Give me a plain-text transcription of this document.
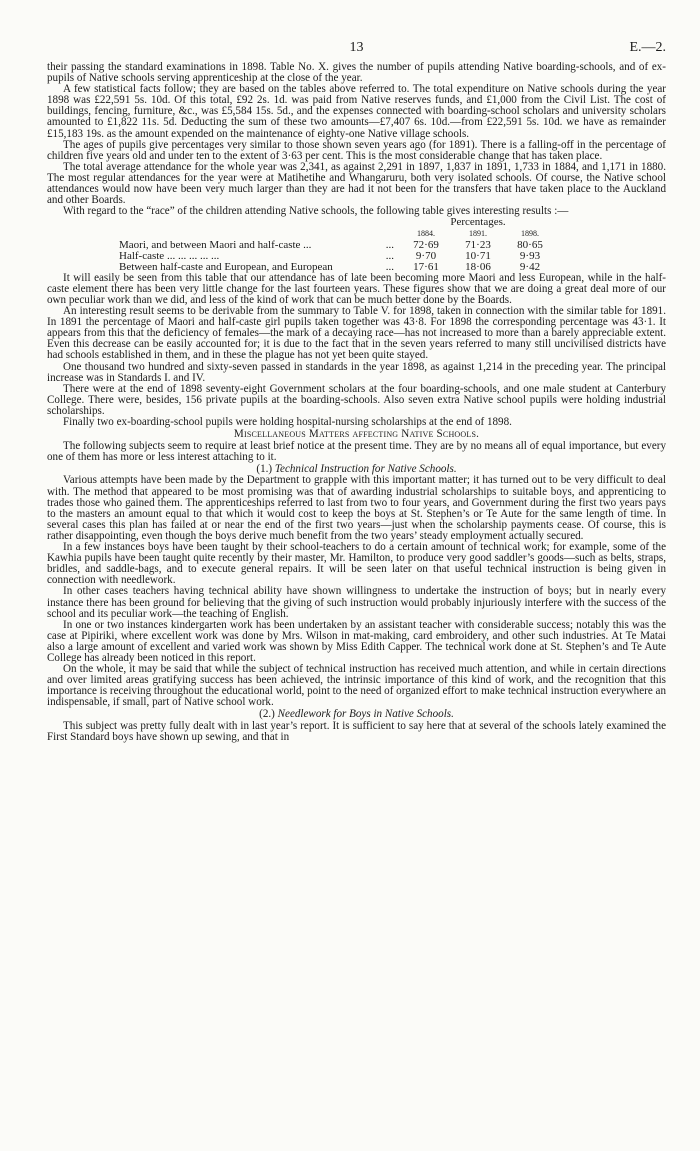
13	E.—2.

their passing the standard examinations in 1898. Table No. X. gives the number of pupils attending Native boarding-schools, and of ex-pupils of Native schools serving apprenticeship at the close of the year.

A few statistical facts follow; they are based on the tables above referred to. The total expenditure on Native schools during the year 1898 was £22,591 5s. 10d. Of this total, £92 2s. 1d. was paid from Native reserves funds, and £1,000 from the Civil List. The cost of buildings, fencing, furniture, &c., was £5,584 15s. 5d., and the expenses connected with boarding-school scholars and university scholars amounted to £1,822 11s. 5d. Deducting the sum of these two amounts—£7,407 6s. 10d.—from £22,591 5s. 10d. we have as remainder £15,183 19s. as the amount expended on the maintenance of eighty-one Native village schools.

The ages of pupils give percentages very similar to those shown seven years ago (for 1891). There is a falling-off in the percentage of children five years old and under ten to the extent of 3·63 per cent. This is the most considerable change that has taken place.

The total average attendance for the whole year was 2,341, as against 2,291 in 1897, 1,837 in 1891, 1,733 in 1884, and 1,171 in 1880. The most regular attendances for the year were at Matihetihe and Whangaruru, both very isolated schools. Of course, the Native school attendances would now have been very much larger than they are had it not been for the transfers that have taken place to the Auckland and other Boards.

With regard to the “race” of the children attending Native schools, the following table gives interesting results :—

	Percentages.		
	1884.	1891.	1898.
Maori, and between Maori and half-caste ... ...	72·69	71·23	80·65
Half-caste ... ... ... ... ... ...	9·70	10·71	9·93
Between half-caste and European, and European ...	17·61	18·06	9·42

It will easily be seen from this table that our attendance has of late been becoming more Maori and less European, while in the half-caste element there has been very little change for the last fourteen years. These figures show that we are doing a great deal more of our own peculiar work than we did, and less of the kind of work that can be much better done by the Boards.

An interesting result seems to be derivable from the summary to Table V. for 1898, taken in connection with the similar table for 1891. In 1891 the percentage of Maori and half-caste girl pupils taken together was 43·8. For 1898 the corresponding percentage was 43·1. It appears from this that the deficiency of females—the mark of a decaying race—has not increased to more than a barely appreciable extent. Even this decrease can be easily accounted for; it is due to the fact that in the seven years referred to many still uncivilised districts have had schools established in them, and in these the plague has not yet been quite stayed.

One thousand two hundred and sixty-seven passed in standards in the year 1898, as against 1,214 in the preceding year. The principal increase was in Standards I. and IV.

There were at the end of 1898 seventy-eight Government scholars at the four boarding-schools, and one male student at Canterbury College. There were, besides, 156 private pupils at the boarding-schools. Also seven extra Native school pupils were holding industrial scholarships.

Finally two ex-boarding-school pupils were holding hospital-nursing scholarships at the end of 1898.

Miscellaneous Matters affecting Native Schools.

The following subjects seem to require at least brief notice at the present time. They are by no means all of equal importance, but every one of them has more or less interest attaching to it.

(1.) Technical Instruction for Native Schools.

Various attempts have been made by the Department to grapple with this important matter; it has turned out to be very difficult to deal with. The method that appeared to be most promising was that of awarding industrial scholarships to suitable boys, and apprenticing to trades those who gained them. The apprenticeships referred to last from two to four years, and Government during the first two years pays to the masters an amount equal to that which it would cost to keep the boys at St. Stephen’s or Te Aute for the same length of time. In several cases this plan has failed at or near the end of the first two years—just when the scholarship payments cease. Of course, this is rather disappointing, even though the boys derive much benefit from the two years’ steady employment actually secured.

In a few instances boys have been taught by their school-teachers to do a certain amount of technical work; for example, some of the Kawhia pupils have been taught quite recently by their master, Mr. Hamilton, to produce very good saddler’s goods—such as belts, straps, bridles, and saddle-bags, and to execute general repairs. It will be seen later on that useful technical instruction is being given in connection with needlework.

In other cases teachers having technical ability have shown willingness to undertake the instruction of boys; but in nearly every instance there has been ground for believing that the giving of such instruction would probably injuriously interfere with the success of the school and its peculiar work—the teaching of English.

In one or two instances kindergarten work has been undertaken by an assistant teacher with considerable success; notably this was the case at Pipiriki, where excellent work was done by Mrs. Wilson in mat-making, card embroidery, and other such industries. At Te Matai also a large amount of excellent and varied work was shown by Miss Edith Capper. The technical work done at St. Stephen’s and Te Aute College has already been noticed in this report.

On the whole, it may be said that while the subject of technical instruction has received much attention, and while in certain directions and over limited areas gratifying success has been achieved, the intrinsic importance of this kind of work, and the recognition that this importance is receiving throughout the educational world, point to the need of organized effort to make technical instruction everywhere an indispensable, if small, part of Native school work.

(2.) Needlework for Boys in Native Schools.

This subject was pretty fully dealt with in last year’s report. It is sufficient to say here that at several of the schools lately examined the First Standard boys have shown up sewing, and that in
